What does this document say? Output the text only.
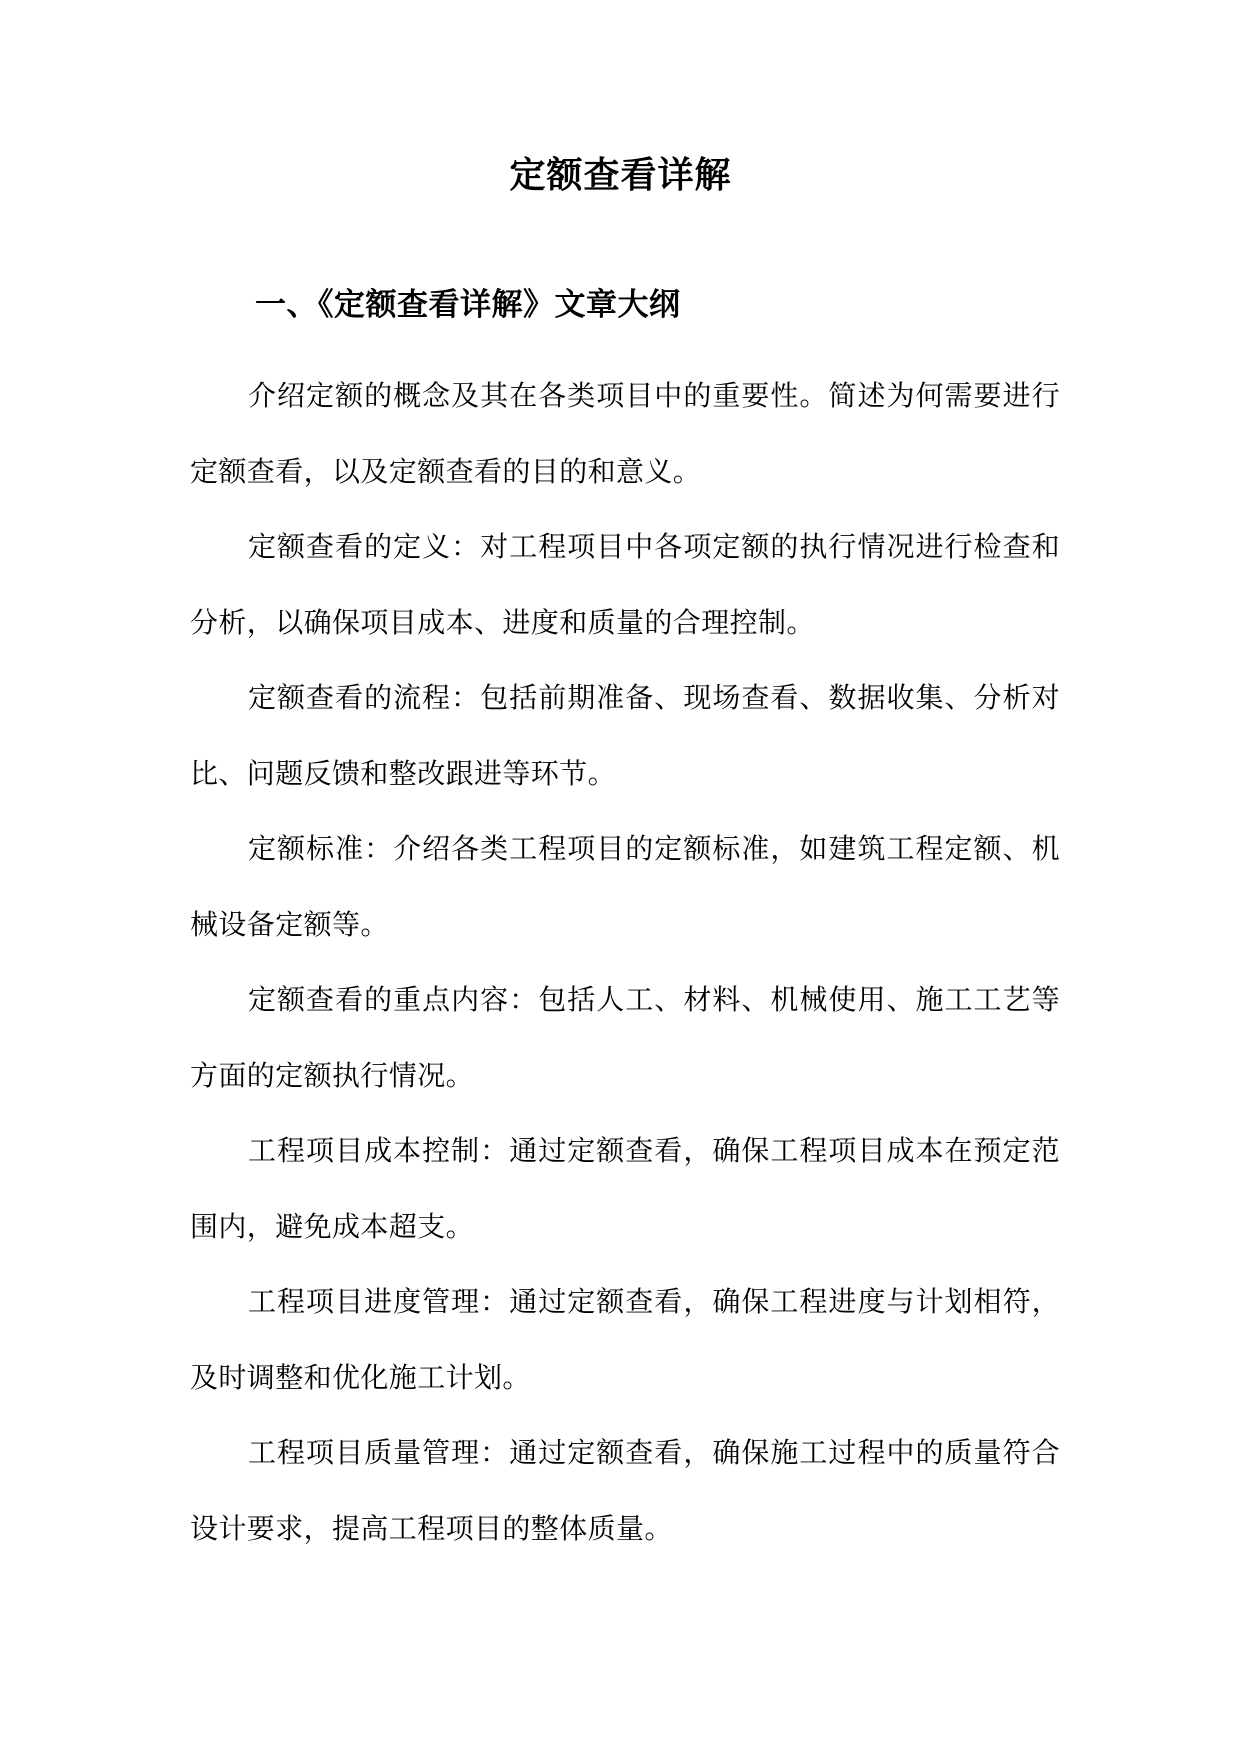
定额查看详解
一、《定额查看详解》文章大纲

介绍定额的概念及其在各类项目中的重要性。简述为何需要进行定额查看，以及定额查看的目的和意义。

定额查看的定义：对工程项目中各项定额的执行情况进行检查和分析，以确保项目成本、进度和质量的合理控制。

定额查看的流程：包括前期准备、现场查看、数据收集、分析对比、问题反馈和整改跟进等环节。

定额标准：介绍各类工程项目的定额标准，如建筑工程定额、机械设备定额等。

定额查看的重点内容：包括人工、材料、机械使用、施工工艺等方面的定额执行情况。

工程项目成本控制：通过定额查看，确保工程项目成本在预定范围内，避免成本超支。

工程项目进度管理：通过定额查看，确保工程进度与计划相符，及时调整和优化施工计划。

工程项目质量管理：通过定额查看，确保施工过程中的质量符合设计要求，提高工程项目的整体质量。
